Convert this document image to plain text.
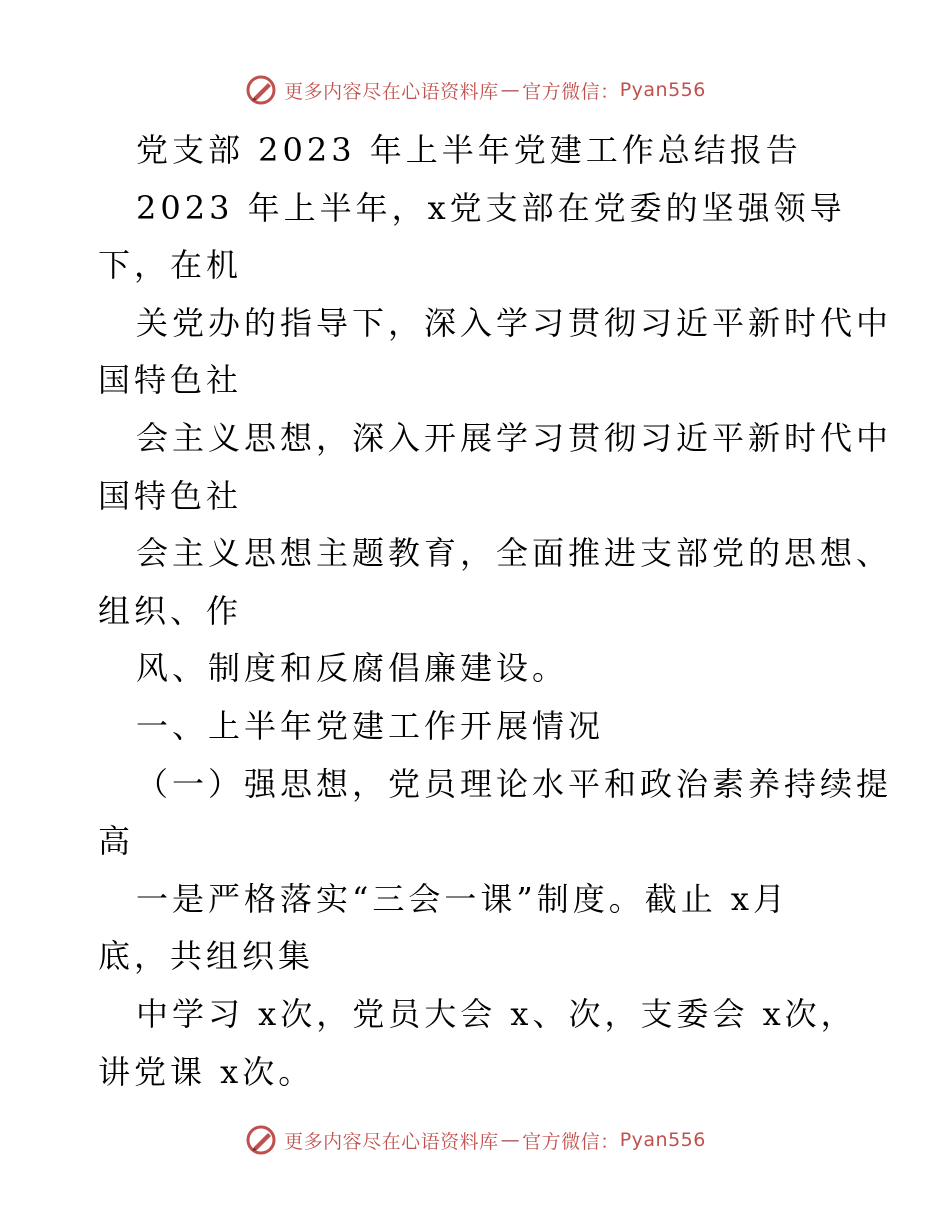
更多内容尽在心语资料库 — 官方微信： Pyan556
党支部 2023 年上半年党建工作总结报告
2023 年上半年，x党支部在党委的坚强领导
下，在机
关党办的指导下，深入学习贯彻习近平新时代中
国特色社
会主义思想，深入开展学习贯彻习近平新时代中
国特色社
会主义思想主题教育，全面推进支部党的思想、
组织、作
风、制度和反腐倡廉建设。
一、上半年党建工作开展情况
（一）强思想，党员理论水平和政治素养持续提
高
一是严格落实“三会一课”制度。截止 x月
底，共组织集
中学习 x次，党员大会 x、次，支委会 x次，
讲党课 x次。
更多内容尽在心语资料库 — 官方微信： Pyan556
